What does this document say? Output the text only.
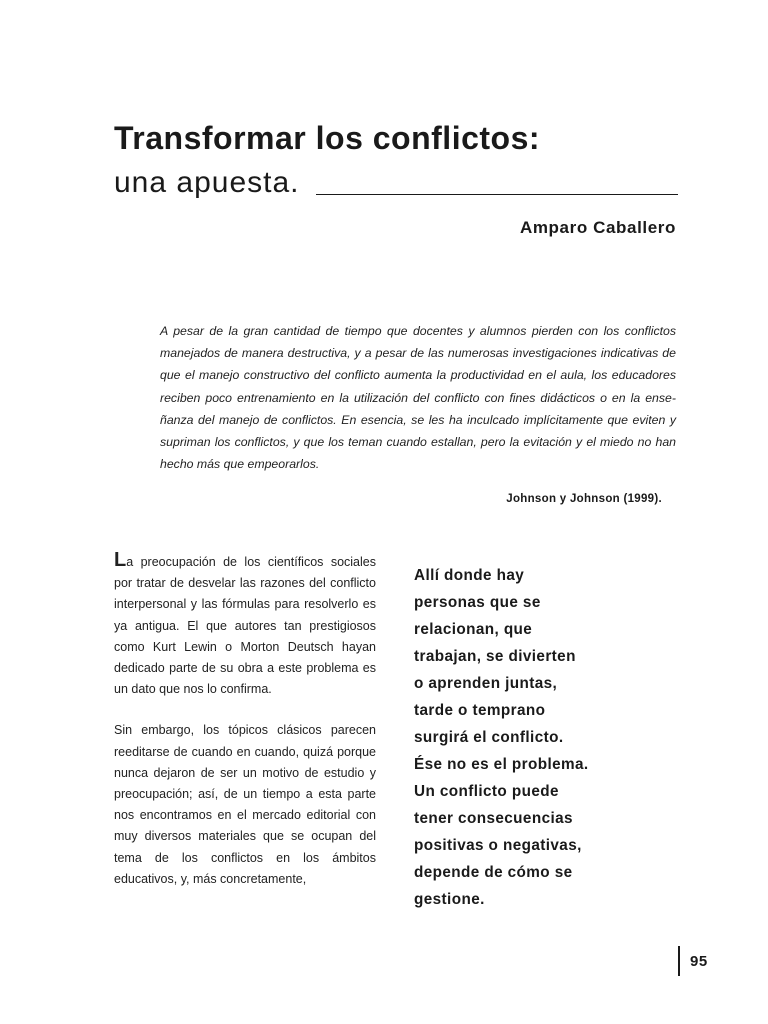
Transformar los conflictos:
una apuesta.
Amparo Caballero
A pesar de la gran cantidad de tiempo que docentes y alumnos pierden con los conflictos manejados de manera destructiva, y a pesar de las numerosas investigaciones indicativas de que el manejo constructivo del conflicto aumenta la productividad en el aula, los educadores reciben poco entrenamiento en la utilización del conflicto con fines didácticos o en la enseñanza del manejo de conflictos. En esencia, se les ha inculcado implícitamente que eviten y supriman los conflictos, y que los teman cuando estallan, pero la evitación y el miedo no han hecho más que empeorarlos.
Johnson y Johnson (1999).

La preocupación de los científicos sociales por tratar de desvelar las razones del conflicto interpersonal y las fórmulas para resolverlo es ya antigua. El que autores tan prestigiosos como Kurt Lewin o Morton Deutsch hayan dedicado parte de su obra a este problema es un dato que nos lo confirma.

Sin embargo, los tópicos clásicos parecen reeditarse de cuando en cuando, quizá porque nunca dejaron de ser un motivo de estudio y preocupación; así, de un tiempo a esta parte nos encontramos en el mercado editorial con muy diversos materiales que se ocupan del tema de los conflictos en los ámbitos educativos, y, más concretamente,

Allí donde hay
personas que se
relacionan, que
trabajan, se divierten
o aprenden juntas,
tarde o temprano
surgirá el conflicto.
Ése no es el problema.
Un conflicto puede
tener consecuencias
positivas o negativas,
depende de cómo se
gestione.
95
